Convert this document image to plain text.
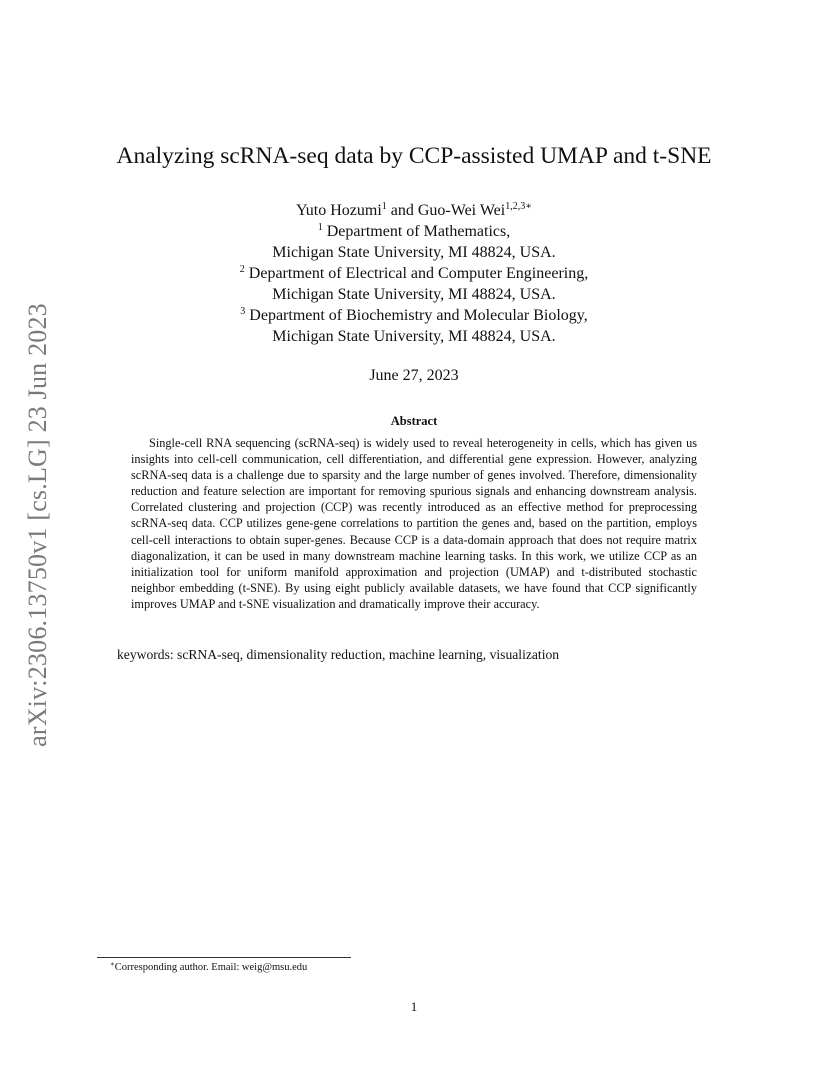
arXiv:2306.13750v1 [cs.LG] 23 Jun 2023
Analyzing scRNA-seq data by CCP-assisted UMAP and t-SNE
Yuto Hozumi$^1$ and Guo-Wei Wei$^{1,2,3∗}$
$^1$ Department of Mathematics,
Michigan State University, MI 48824, USA.
$^2$ Department of Electrical and Computer Engineering,
Michigan State University, MI 48824, USA.
$^3$ Department of Biochemistry and Molecular Biology,
Michigan State University, MI 48824, USA.
June 27, 2023
Abstract

Single-cell RNA sequencing (scRNA-seq) is widely used to reveal heterogeneity in cells, which has given us insights into cell-cell communication, cell differentiation, and differential gene expression. However, analyzing scRNA-seq data is a challenge due to sparsity and the large number of genes involved. Therefore, dimensionality reduction and feature selection are important for removing spurious signals and enhancing downstream analysis. Correlated clustering and projection (CCP) was recently introduced as an effective method for preprocessing scRNA-seq data. CCP utilizes gene-gene correlations to partition the genes and, based on the partition, employs cell-cell interactions to obtain super-genes. Because CCP is a data-domain approach that does not require matrix diagonalization, it can be used in many downstream machine learning tasks. In this work, we utilize CCP as an initialization tool for uniform manifold approximation and projection (UMAP) and t-distributed stochastic neighbor embedding (t-SNE). By using eight publicly available datasets, we have found that CCP significantly improves UMAP and t-SNE visualization and dramatically improve their accuracy.

keywords: scRNA-seq, dimensionality reduction, machine learning, visualization
∗Corresponding author. Email: weig@msu.edu
1
